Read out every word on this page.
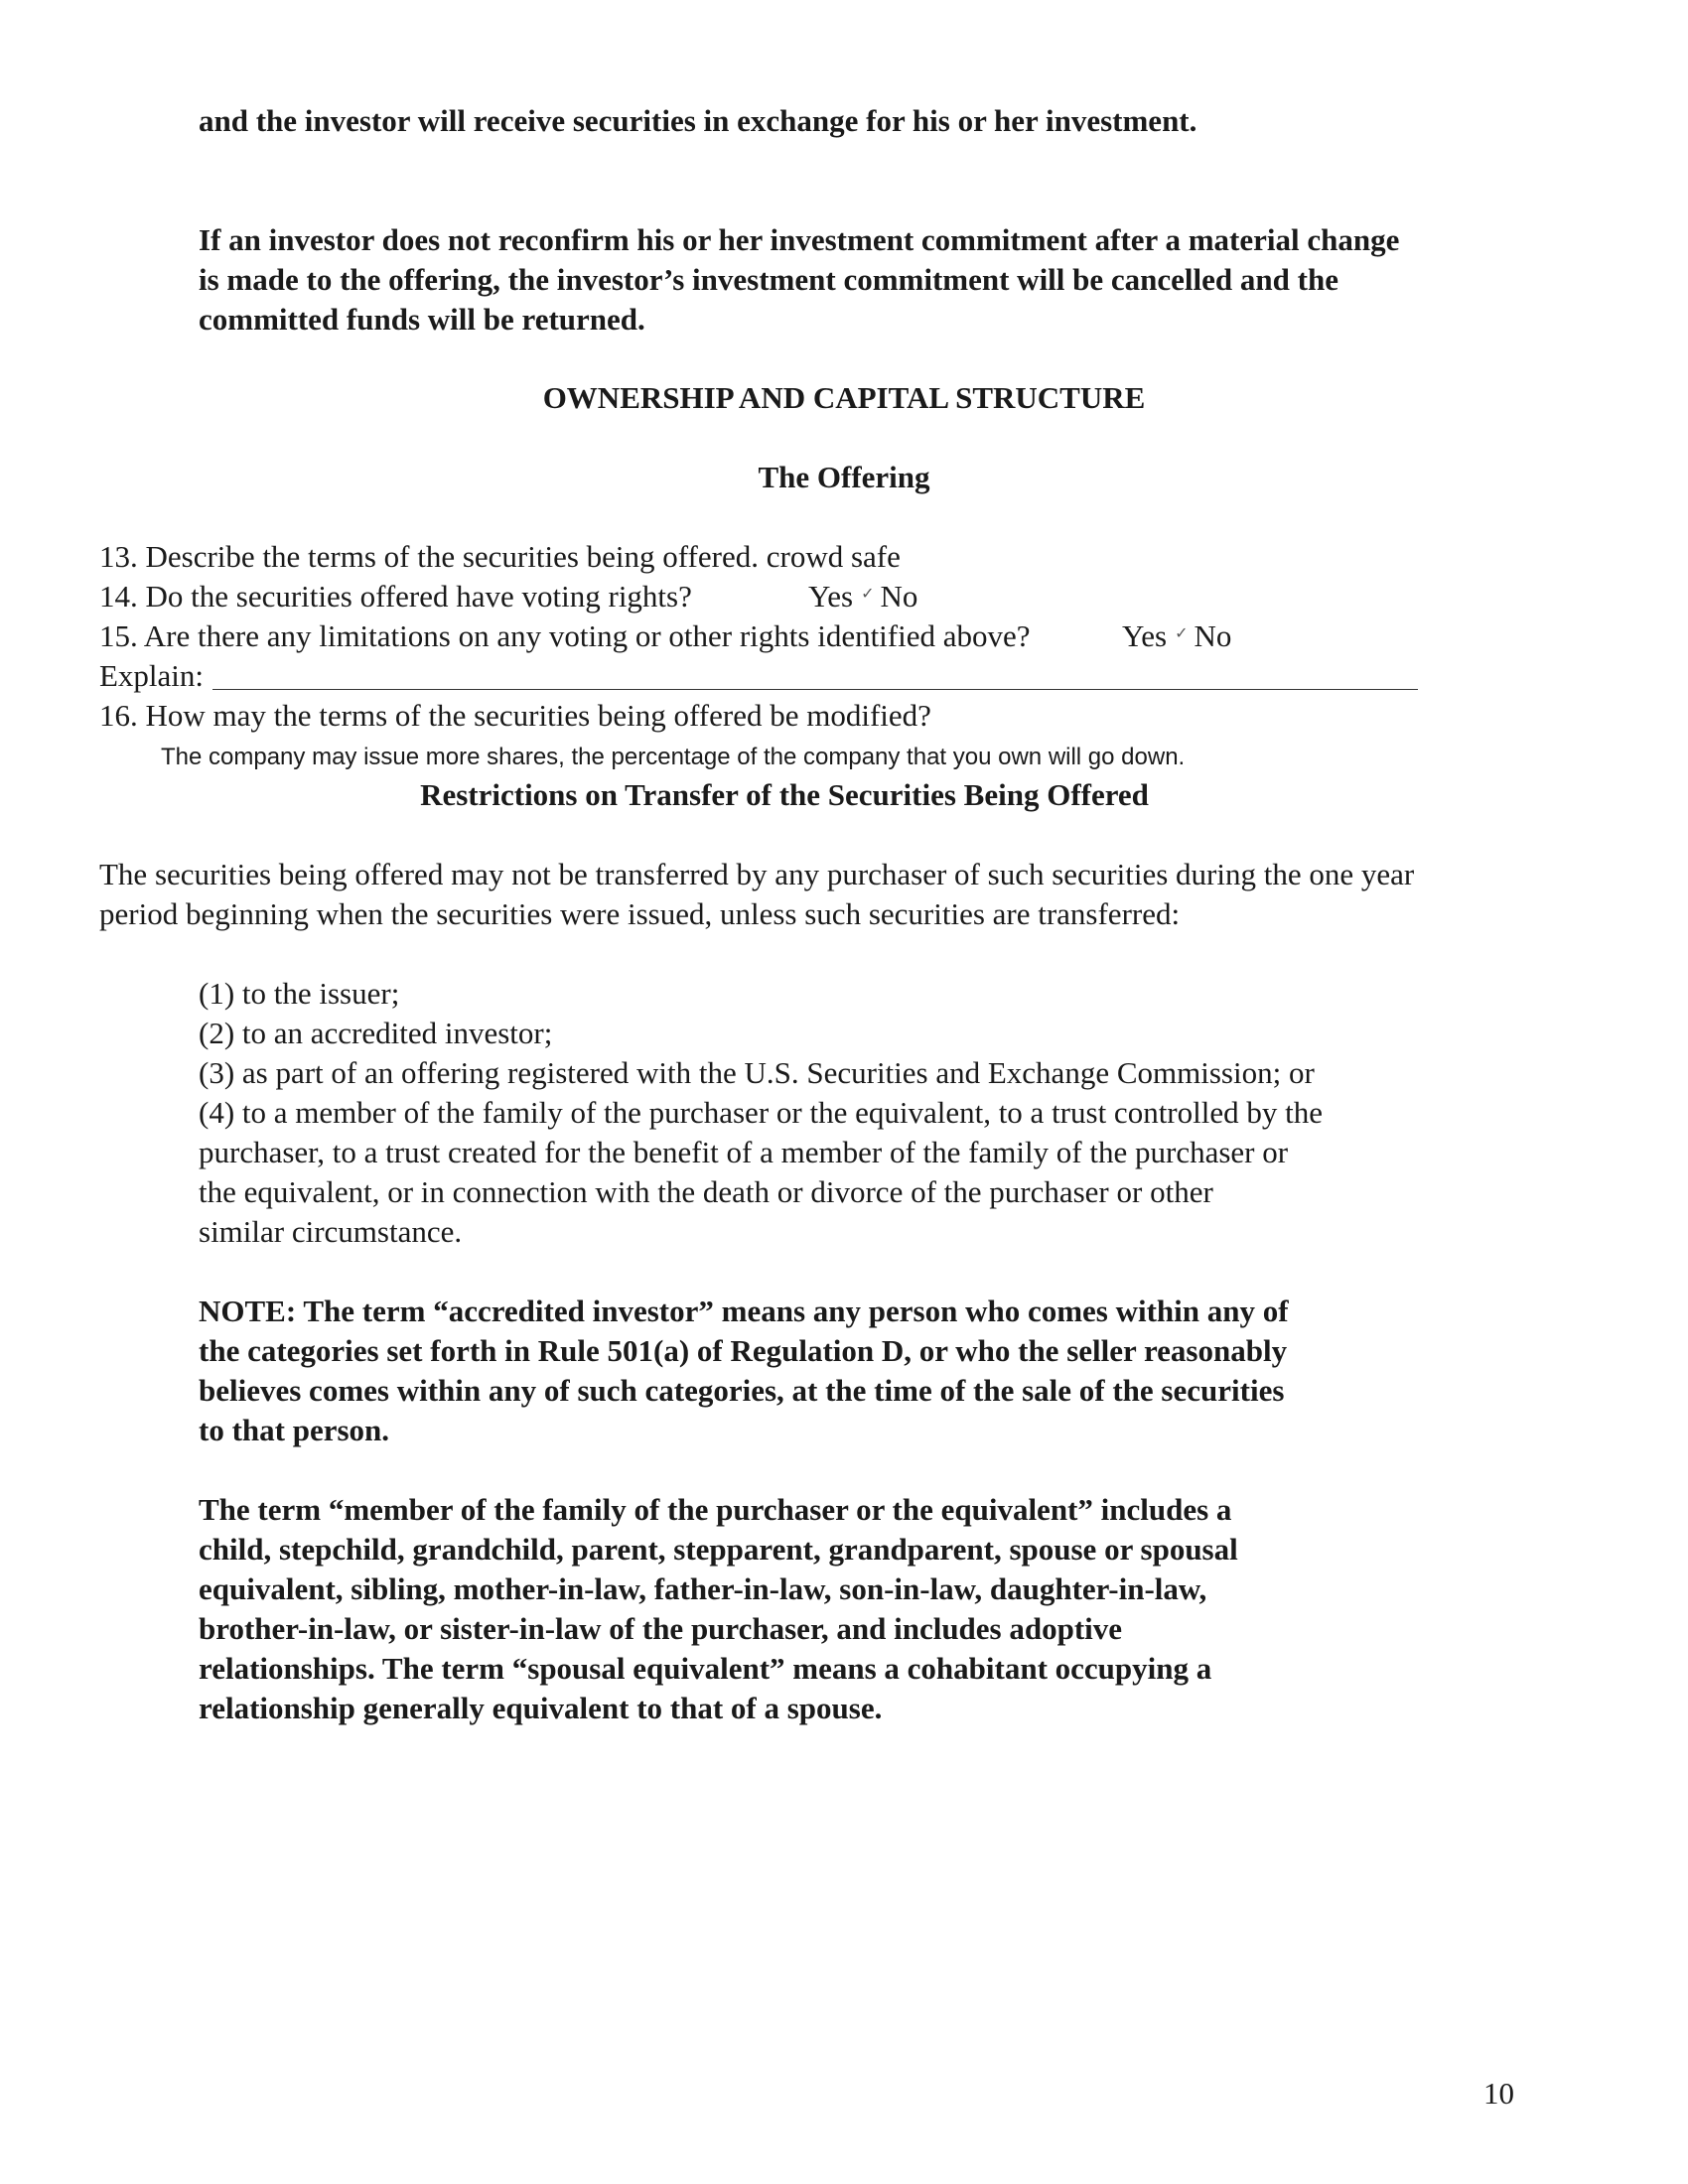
and the investor will receive securities in exchange for his or her investment.
If an investor does not reconfirm his or her investment commitment after a material change
is made to the offering, the investor’s investment commitment will be cancelled and the
committed funds will be returned.
OWNERSHIP AND CAPITAL STRUCTURE
The Offering
13. Describe the terms of the securities being offered. crowd safe
14. Do the securities offered have voting rights?	Yes ✓ No
15. Are there any limitations on any voting or other rights identified above?	Yes ✓ No
Explain:
16. How may the terms of the securities being offered be modified?
The company may issue more shares, the percentage of the company that you own will go down.
Restrictions on Transfer of the Securities Being Offered
The securities being offered may not be transferred by any purchaser of such securities during the one year
period beginning when the securities were issued, unless such securities are transferred:
(1) to the issuer;
(2) to an accredited investor;
(3) as part of an offering registered with the U.S. Securities and Exchange Commission; or
(4) to a member of the family of the purchaser or the equivalent, to a trust controlled by the
purchaser, to a trust created for the benefit of a member of the family of the purchaser or
the equivalent, or in connection with the death or divorce of the purchaser or other
similar circumstance.
NOTE: The term “accredited investor” means any person who comes within any of
the categories set forth in Rule 501(a) of Regulation D, or who the seller reasonably
believes comes within any of such categories, at the time of the sale of the securities
to that person.
The term “member of the family of the purchaser or the equivalent” includes a
child, stepchild, grandchild, parent, stepparent, grandparent, spouse or spousal
equivalent, sibling, mother-in-law, father-in-law, son-in-law, daughter-in-law,
brother-in-law, or sister-in-law of the purchaser, and includes adoptive
relationships. The term “spousal equivalent” means a cohabitant occupying a
relationship generally equivalent to that of a spouse.
10
